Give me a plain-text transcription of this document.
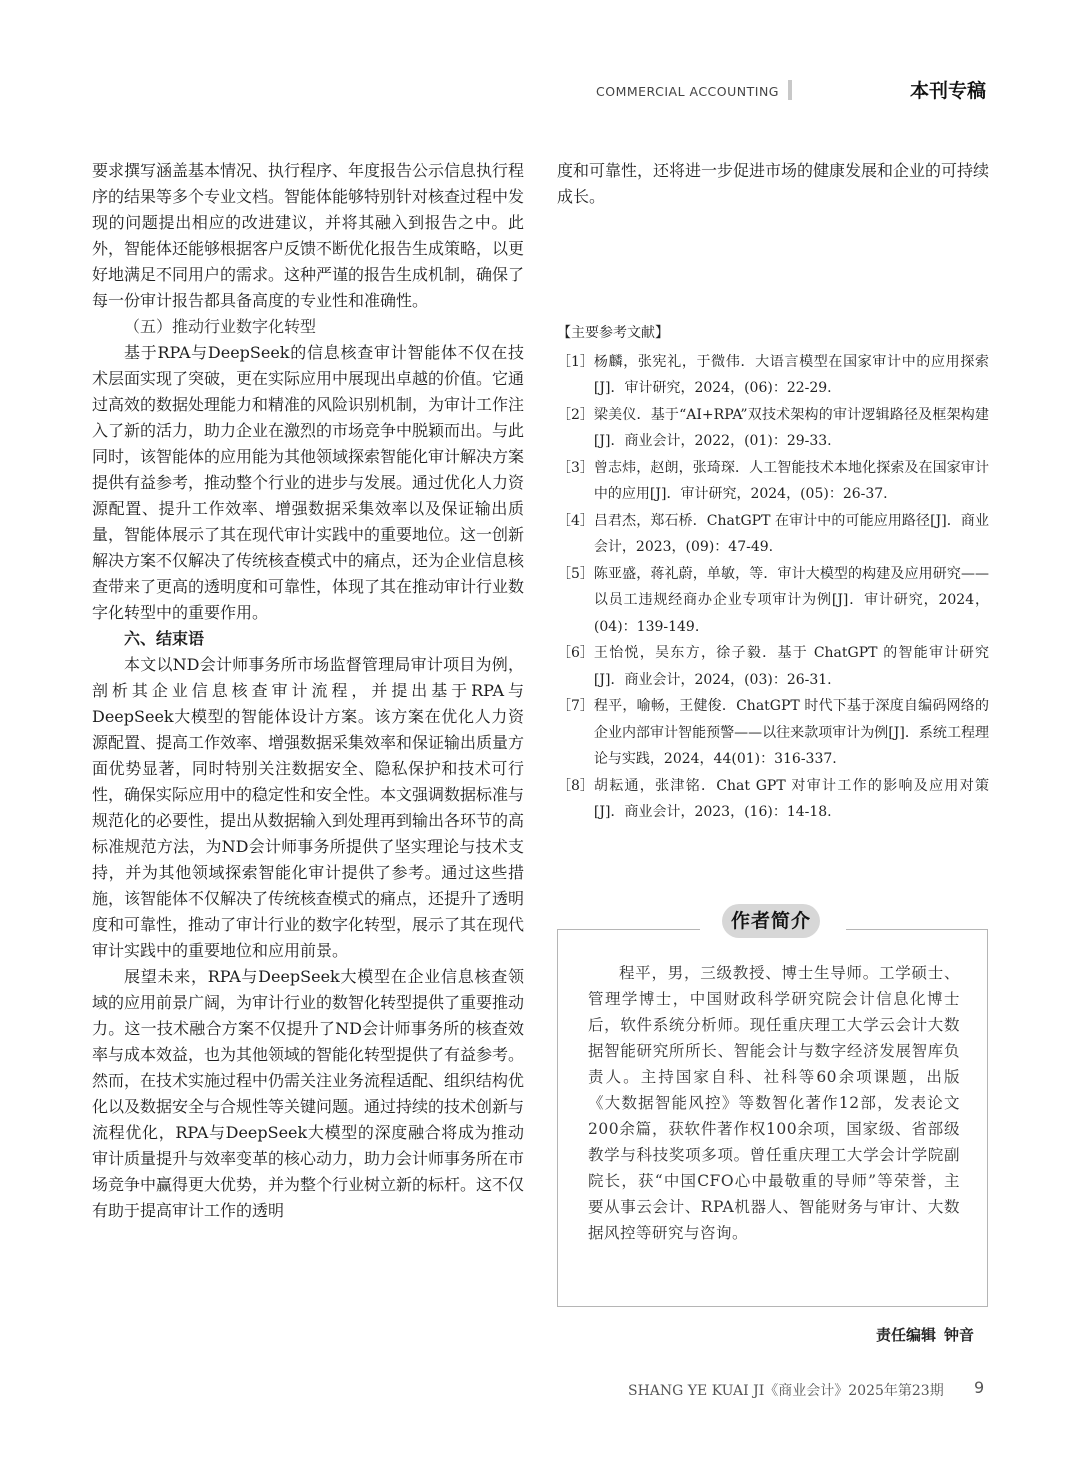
COMMERCIAL ACCOUNTING	本刊专稿

要求撰写涵盖基本情况、执行程序、年度报告公示信息执行程序的结果等多个专业文档。智能体能够特别针对核查过程中发现的问题提出相应的改进建议，并将其融入到报告之中。此外，智能体还能够根据客户反馈不断优化报告生成策略，以更好地满足不同用户的需求。这种严谨的报告生成机制，确保了每一份审计报告都具备高度的专业性和准确性。

（五）推动行业数字化转型

基于RPA与DeepSeek的信息核查审计智能体不仅在技术层面实现了突破，更在实际应用中展现出卓越的价值。它通过高效的数据处理能力和精准的风险识别机制，为审计工作注入了新的活力，助力企业在激烈的市场竞争中脱颖而出。与此同时，该智能体的应用能为其他领域探索智能化审计解决方案提供有益参考，推动整个行业的进步与发展。通过优化人力资源配置、提升工作效率、增强数据采集效率以及保证输出质量，智能体展示了其在现代审计实践中的重要地位。这一创新解决方案不仅解决了传统核查模式中的痛点，还为企业信息核查带来了更高的透明度和可靠性，体现了其在推动审计行业数字化转型中的重要作用。

六、结束语

本文以ND会计师事务所市场监督管理局审计项目为例，剖析其企业信息核查审计流程，并提出基于RPA与DeepSeek大模型的智能体设计方案。该方案在优化人力资源配置、提高工作效率、增强数据采集效率和保证输出质量方面优势显著，同时特别关注数据安全、隐私保护和技术可行性，确保实际应用中的稳定性和安全性。本文强调数据标准与规范化的必要性，提出从数据输入到处理再到输出各环节的高标准规范方法，为ND会计师事务所提供了坚实理论与技术支持，并为其他领域探索智能化审计提供了参考。通过这些措施，该智能体不仅解决了传统核查模式的痛点，还提升了透明度和可靠性，推动了审计行业的数字化转型，展示了其在现代审计实践中的重要地位和应用前景。

展望未来，RPA与DeepSeek大模型在企业信息核查领域的应用前景广阔，为审计行业的数智化转型提供了重要推动力。这一技术融合方案不仅提升了ND会计师事务所的核查效率与成本效益，也为其他领域的智能化转型提供了有益参考。然而，在技术实施过程中仍需关注业务流程适配、组织结构优化以及数据安全与合规性等关键问题。通过持续的技术创新与流程优化，RPA与DeepSeek大模型的深度融合将成为推动审计质量提升与效率变革的核心动力，助力会计师事务所在市场竞争中赢得更大优势，并为整个行业树立新的标杆。这不仅有助于提高审计工作的透明

度和可靠性，还将进一步促进市场的健康发展和企业的可持续成长。

【主要参考文献】

［1］ 杨麟，张宪礼，于微伟．大语言模型在国家审计中的应用探索[J]．审计研究，2024，(06)：22-29.
［2］ 梁美仪．基于“AI+RPA”双技术架构的审计逻辑路径及框架构建[J]．商业会计，2022，(01)：29-33.
［3］ 曾志炜，赵朗，张琦琛．人工智能技术本地化探索及在国家审计中的应用[J]．审计研究，2024，(05)：26-37.
［4］ 吕君杰，郑石桥．ChatGPT 在审计中的可能应用路径[J]．商业会计，2023，(09)：47-49.
［5］ 陈亚盛，蒋礼蔚，单敏，等．审计大模型的构建及应用研究——以员工违规经商办企业专项审计为例[J]．审计研究，2024，(04)：139-149.
［6］ 王怡悦，吴东方，徐子毅．基于 ChatGPT 的智能审计研究[J]．商业会计，2024，(03)：26-31.
［7］ 程平，喻畅，王健俊．ChatGPT 时代下基于深度自编码网络的企业内部审计智能预警——以往来款项审计为例[J]．系统工程理论与实践，2024，44(01)：316-337.
［8］ 胡耘通，张津铭．Chat GPT 对审计工作的影响及应用对策[J]．商业会计，2023，(16)：14-18.
作者简介

程平，男，三级教授、博士生导师。工学硕士、管理学博士，中国财政科学研究院会计信息化博士后，软件系统分析师。现任重庆理工大学云会计大数据智能研究所所长、智能会计与数字经济发展智库负责人。主持国家自科、社科等60余项课题，出版《大数据智能风控》等数智化著作12部，发表论文200余篇，获软件著作权100余项，国家级、省部级教学与科技奖项多项。曾任重庆理工大学会计学院副院长，获“中国CFO心中最敬重的导师”等荣誉，主要从事云会计、RPA机器人、智能财务与审计、大数据风控等研究与咨询。

责任编辑 钟音
SHANG YE KUAI JI《商业会计》2025年第23期 9
